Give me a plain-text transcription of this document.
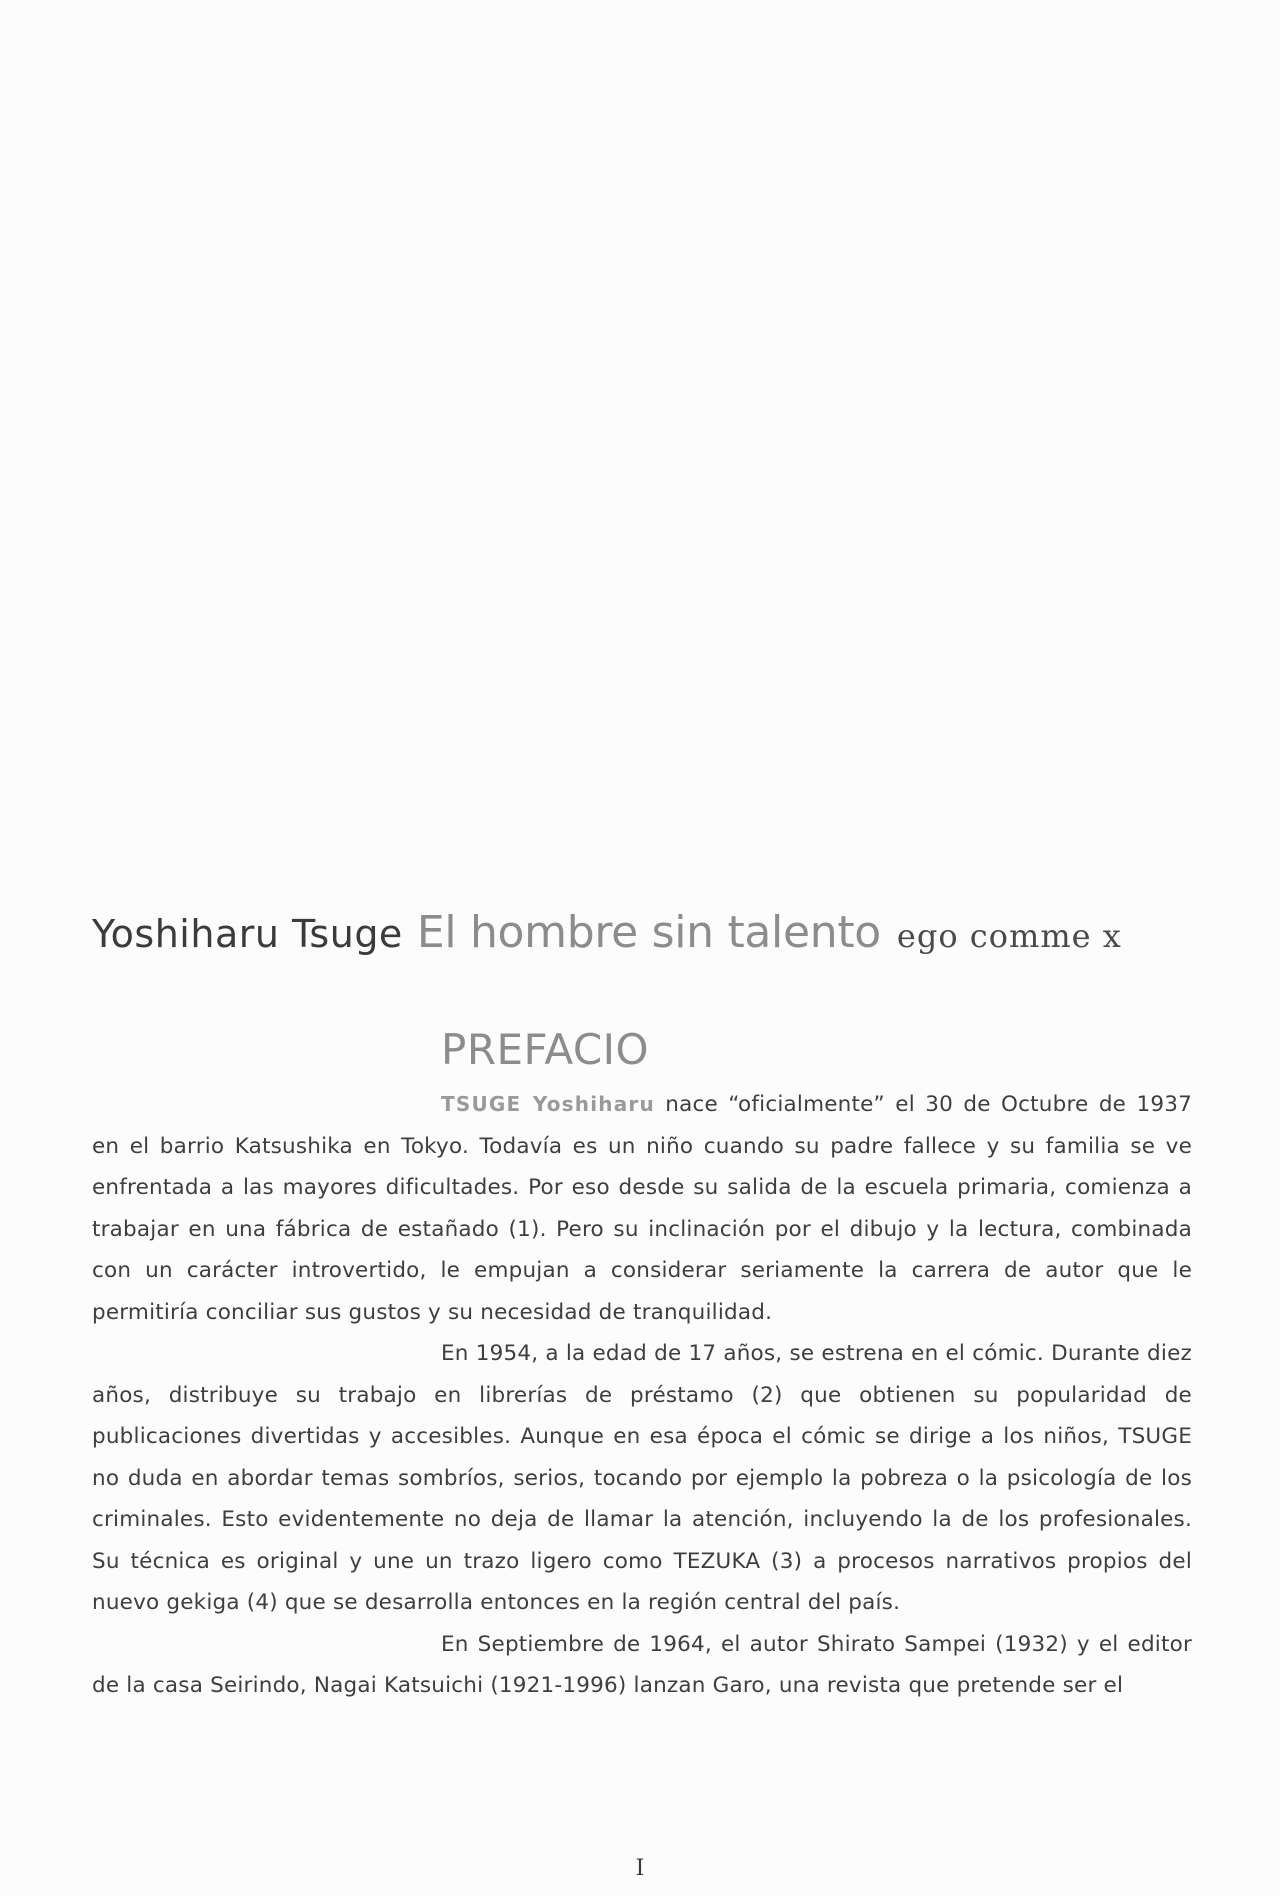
Yoshiharu Tsuge El hombre sin talento ego comme x
PREFACIO

TSUGE Yoshiharu nace “oficialmente” el 30 de Octubre de 1937 en el barrio Katsushika en Tokyo. Todavía es un niño cuando su padre fallece y su familia se ve enfrentada a las mayores dificultades. Por eso desde su salida de la escuela primaria, comienza a trabajar en una fábrica de estañado (1). Pero su inclinación por el dibujo y la lectura, combinada con un carácter introvertido, le empujan a considerar seriamente la carrera de autor que le permitiría conciliar sus gustos y su necesidad de tranquilidad.

En 1954, a la edad de 17 años, se estrena en el cómic. Durante diez años, distribuye su trabajo en librerías de préstamo (2) que obtienen su popularidad de publicaciones divertidas y accesibles. Aunque en esa época el cómic se dirige a los niños, TSUGE no duda en abordar temas sombríos, serios, tocando por ejemplo la pobreza o la psicología de los criminales. Esto evidentemente no deja de llamar la atención, incluyendo la de los profesionales. Su técnica es original y une un trazo ligero como TEZUKA (3) a procesos narrativos propios del nuevo gekiga (4) que se desarrolla entonces en la región central del país.

En Septiembre de 1964, el autor Shirato Sampei (1932) y el editor de la casa Seirindo, Nagai Katsuichi (1921-1996) lanzan Garo, una revista que pretende ser el

I
